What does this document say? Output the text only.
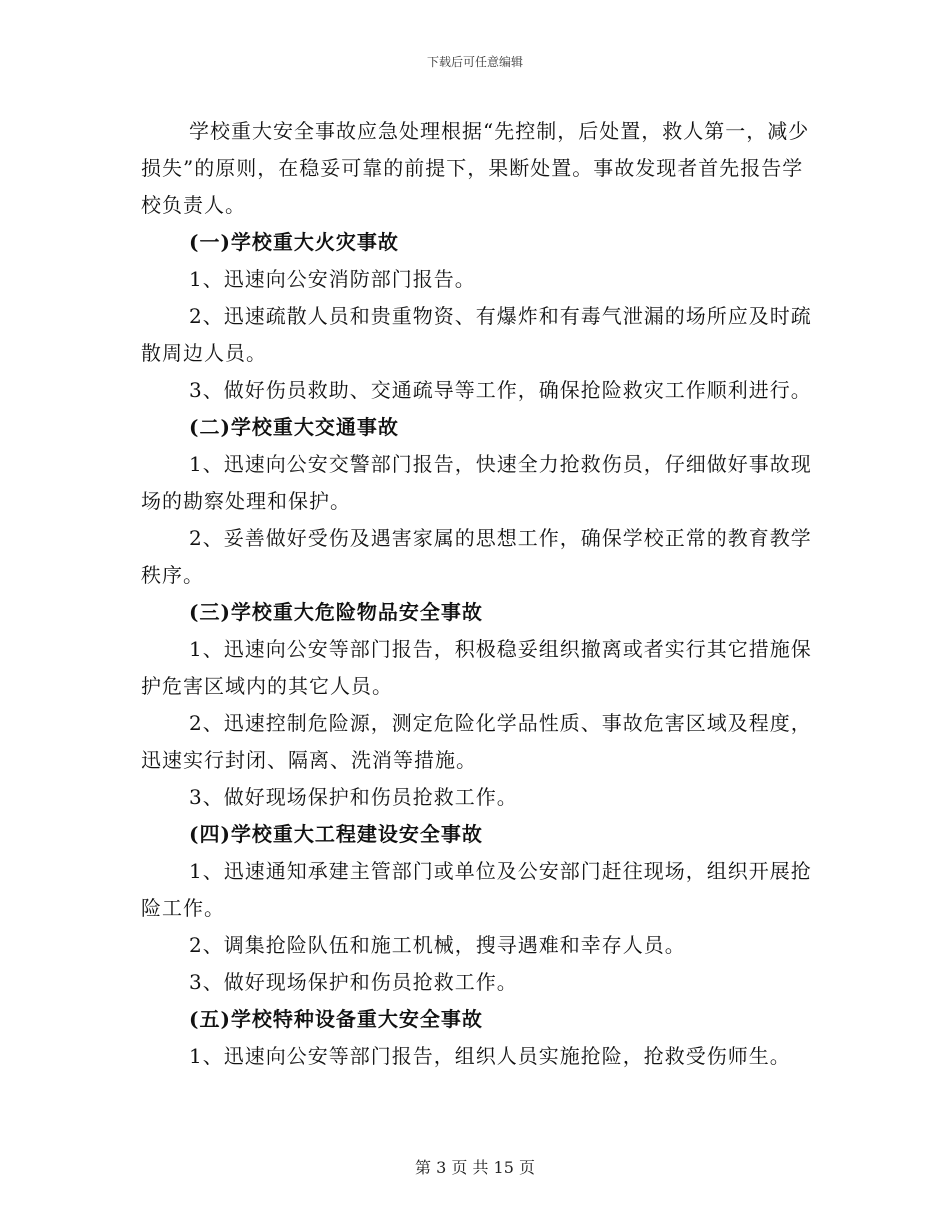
下载后可任意编辑

学校重大安全事故应急处理根据“先控制，后处置，救人第一，减少损失”的原则，在稳妥可靠的前提下，果断处置。事故发现者首先报告学校负责人。

(一)学校重大火灾事故

1、迅速向公安消防部门报告。

2、迅速疏散人员和贵重物资、有爆炸和有毒气泄漏的场所应及时疏散周边人员。

3、做好伤员救助、交通疏导等工作，确保抢险救灾工作顺利进行。

(二)学校重大交通事故

1、迅速向公安交警部门报告，快速全力抢救伤员，仔细做好事故现场的勘察处理和保护。

2、妥善做好受伤及遇害家属的思想工作，确保学校正常的教育教学秩序。

(三)学校重大危险物品安全事故

1、迅速向公安等部门报告，积极稳妥组织撤离或者实行其它措施保护危害区域内的其它人员。

2、迅速控制危险源，测定危险化学品性质、事故危害区域及程度，迅速实行封闭、隔离、洗消等措施。

3、做好现场保护和伤员抢救工作。

(四)学校重大工程建设安全事故

1、迅速通知承建主管部门或单位及公安部门赶往现场，组织开展抢险工作。

2、调集抢险队伍和施工机械，搜寻遇难和幸存人员。

3、做好现场保护和伤员抢救工作。

(五)学校特种设备重大安全事故

1、迅速向公安等部门报告，组织人员实施抢险，抢救受伤师生。

第 3 页 共 15 页
